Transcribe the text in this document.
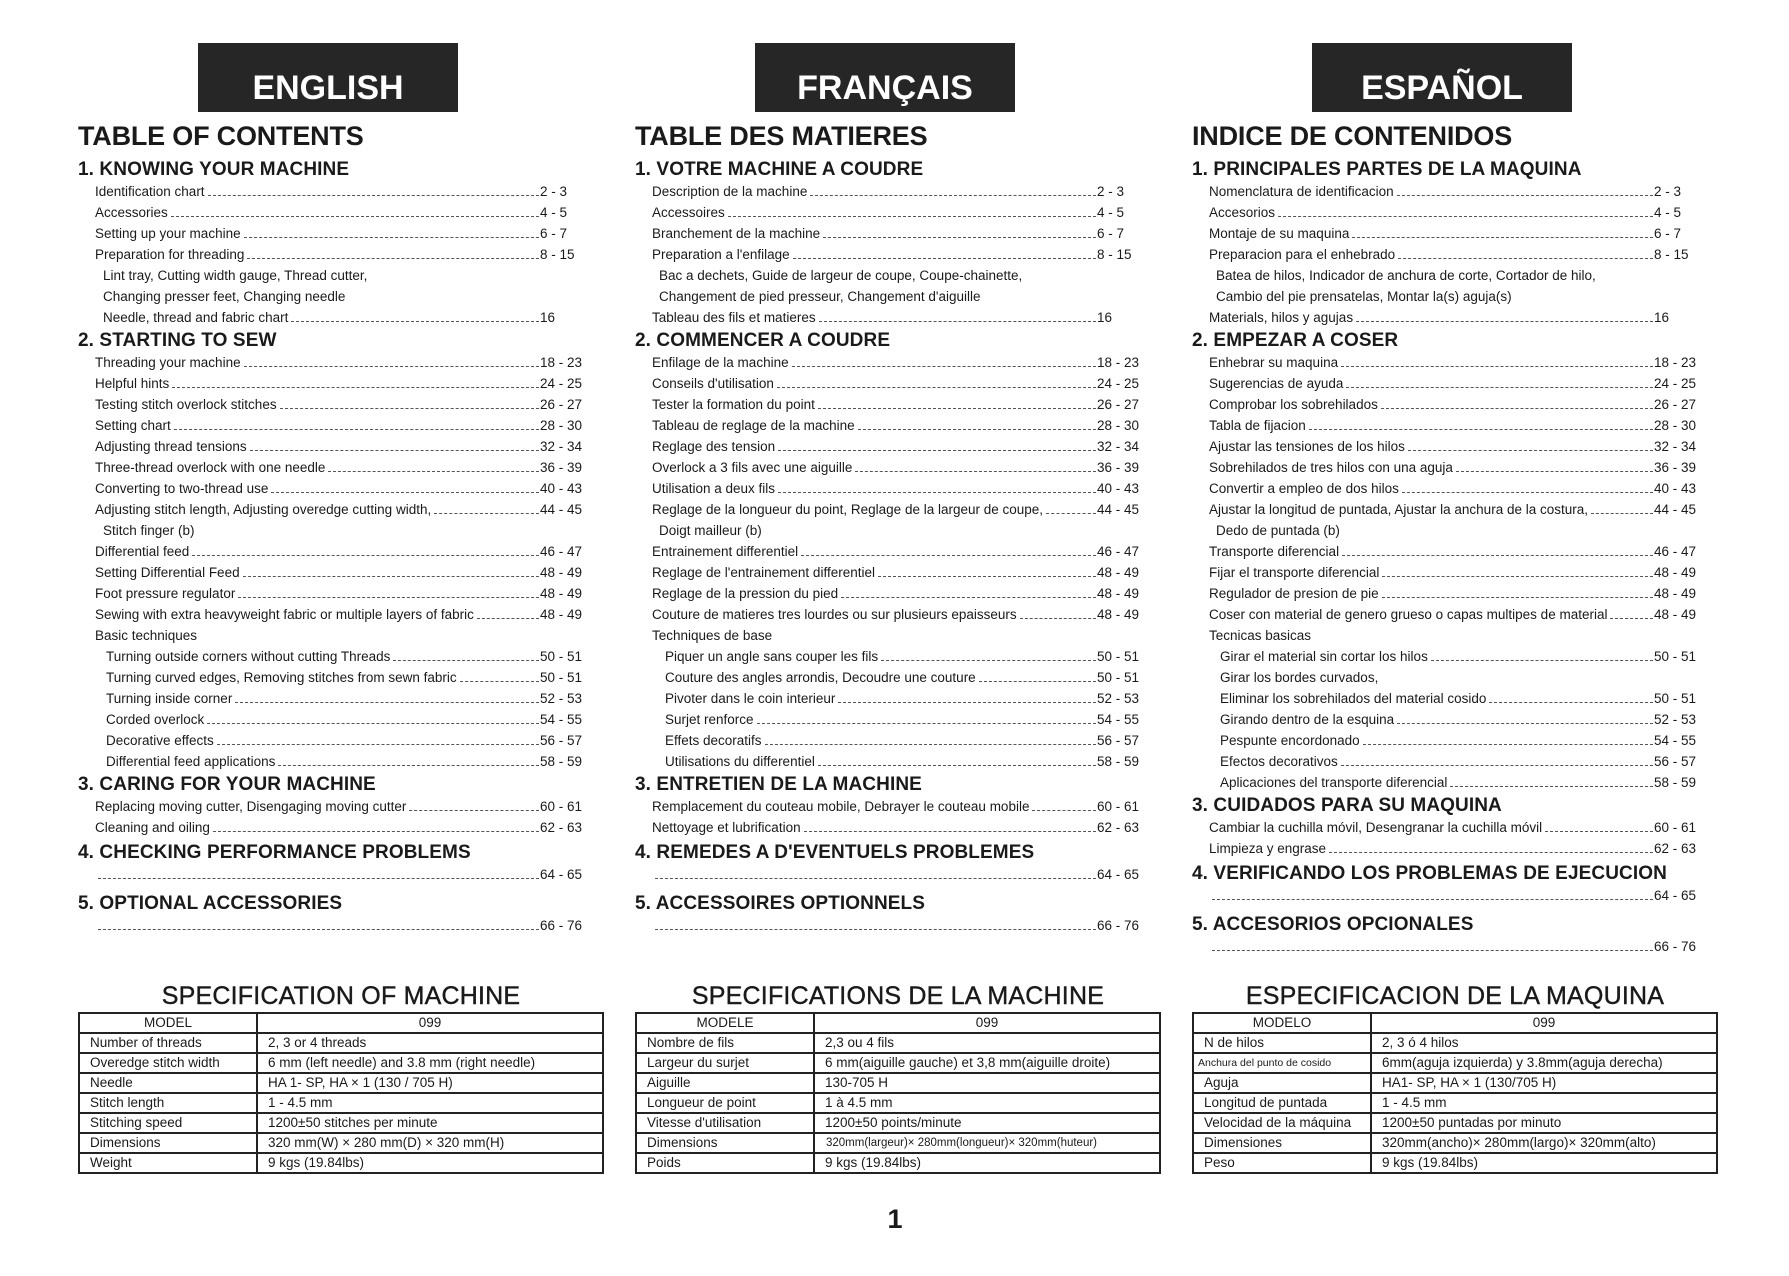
ENGLISH
TABLE OF CONTENTS
1. KNOWING YOUR MACHINE
Identification chart	2 - 3
Accessories	4 - 5
Setting up your machine	6 - 7
Preparation for threading	8 - 15
Lint tray, Cutting width gauge, Thread cutter,
Changing presser feet, Changing needle
Needle, thread and fabric chart	16
2. STARTING TO SEW
Threading your machine	18 - 23
Helpful hints	24 - 25
Testing stitch overlock stitches	26 - 27
Setting chart	28 - 30
Adjusting thread tensions	32 - 34
Three-thread overlock with one needle	36 - 39
Converting to two-thread use	40 - 43
Adjusting stitch length, Adjusting overedge cutting width,	44 - 45
Stitch finger (b)
Differential feed	46 - 47
Setting Differential Feed	48 - 49
Foot pressure regulator	48 - 49
Sewing with extra heavyweight fabric or multiple layers of fabric	48 - 49
Basic techniques
Turning outside corners without cutting Threads	50 - 51
Turning curved edges, Removing stitches from sewn fabric	50 - 51
Turning inside corner	52 - 53
Corded overlock	54 - 55
Decorative effects	56 - 57
Differential feed applications	58 - 59
3. CARING FOR YOUR MACHINE
Replacing moving cutter, Disengaging moving cutter	60 - 61
Cleaning and oiling	62 - 63
4. CHECKING PERFORMANCE PROBLEMS
64 - 65
5. OPTIONAL ACCESSORIES
66 - 76
FRANÇAIS
TABLE DES MATIERES
1. VOTRE MACHINE A COUDRE
Description de la machine	2 - 3
Accessoires	4 - 5
Branchement de la machine	6 - 7
Preparation a l'enfilage	8 - 15
Bac a dechets, Guide de largeur de coupe, Coupe-chainette,
Changement de pied presseur, Changement d'aiguille
Tableau des fils et matieres	16
2. COMMENCER A COUDRE
Enfilage de la machine	18 - 23
Conseils d'utilisation	24 - 25
Tester la formation du point	26 - 27
Tableau de reglage de la machine	28 - 30
Reglage des tension	32 - 34
Overlock a 3 fils avec une aiguille	36 - 39
Utilisation a deux fils	40 - 43
Reglage de la longueur du point, Reglage de la largeur de coupe,	44 - 45
Doigt mailleur (b)
Entrainement differentiel	46 - 47
Reglage de l'entrainement differentiel	48 - 49
Reglage de la pression du pied	48 - 49
Couture de matieres tres lourdes ou sur plusieurs epaisseurs	48 - 49
Techniques de base
Piquer un angle sans couper les fils	50 - 51
Couture des angles arrondis, Decoudre une couture	50 - 51
Pivoter dans le coin interieur	52 - 53
Surjet renforce	54 - 55
Effets decoratifs	56 - 57
Utilisations du differentiel	58 - 59
3. ENTRETIEN DE LA MACHINE
Remplacement du couteau mobile, Debrayer le couteau mobile	60 - 61
Nettoyage et lubrification	62 - 63
4. REMEDES A D'EVENTUELS PROBLEMES
64 - 65
5. ACCESSOIRES OPTIONNELS
66 - 76
ESPAÑOL
INDICE DE CONTENIDOS
1. PRINCIPALES PARTES DE LA MAQUINA
Nomenclatura de identificacion	2 - 3
Accesorios	4 - 5
Montaje de su maquina	6 - 7
Preparacion para el enhebrado	8 - 15
Batea de hilos, Indicador de anchura de corte, Cortador de hilo,
Cambio del pie prensatelas, Montar la(s) aguja(s)
Materials, hilos y agujas	16
2. EMPEZAR A COSER
Enhebrar su maquina	18 - 23
Sugerencias de ayuda	24 - 25
Comprobar los sobrehilados	26 - 27
Tabla de fijacion	28 - 30
Ajustar las tensiones de los hilos	32 - 34
Sobrehilados de tres hilos con una aguja	36 - 39
Convertir a empleo de dos hilos	40 - 43
Ajustar la longitud de puntada, Ajustar la anchura de la costura,	44 - 45
Dedo de puntada (b)
Transporte diferencial	46 - 47
Fijar el transporte diferencial	48 - 49
Regulador de presion de pie	48 - 49
Coser con material de genero grueso o capas multipes de material	48 - 49
Tecnicas basicas
Girar el material sin cortar los hilos	50 - 51
Girar los bordes curvados,
Eliminar los sobrehilados del material cosido	50 - 51
Girando dentro de la esquina	52 - 53
Pespunte encordonado	54 - 55
Efectos decorativos	56 - 57
Aplicaciones del transporte diferencial	58 - 59
3. CUIDADOS PARA SU MAQUINA
Cambiar la cuchilla móvil, Desengranar la cuchilla móvil	60 - 61
Limpieza y engrase	62 - 63
4. VERIFICANDO LOS PROBLEMAS DE EJECUCION
64 - 65
5. ACCESORIOS OPCIONALES
66 - 76
SPECIFICATION OF MACHINE
MODEL	099
Number of threads	2, 3 or 4 threads
Overedge stitch width	6 mm (left needle) and 3.8 mm (right needle)
Needle	HA 1- SP, HA × 1 (130 / 705 H)
Stitch length	1 - 4.5 mm
Stitching speed	1200±50 stitches per minute
Dimensions	320 mm(W) × 280 mm(D) × 320 mm(H)
Weight	9 kgs (19.84lbs)
SPECIFICATIONS DE LA MACHINE
MODELE	099
Nombre de fils	2,3 ou 4 fils
Largeur du surjet	6 mm(aiguille gauche) et 3,8 mm(aiguille droite)
Aiguille	130-705 H
Longueur de point	1 à 4.5 mm
Vitesse d'utilisation	1200±50 points/minute
Dimensions	320mm(largeur)× 280mm(longueur)× 320mm(huteur)
Poids	9 kgs (19.84lbs)
ESPECIFICACION DE LA MAQUINA
MODELO	099
N de hilos	2, 3 ó 4 hilos
Anchura del punto de cosido	6mm(aguja izquierda) y 3.8mm(aguja derecha)
Aguja	HA1- SP, HA × 1 (130/705 H)
Longitud de puntada	1 - 4.5 mm
Velocidad de la máquina	1200±50 puntadas por minuto
Dimensiones	320mm(ancho)× 280mm(largo)× 320mm(alto)
Peso	9 kgs (19.84lbs)
1
